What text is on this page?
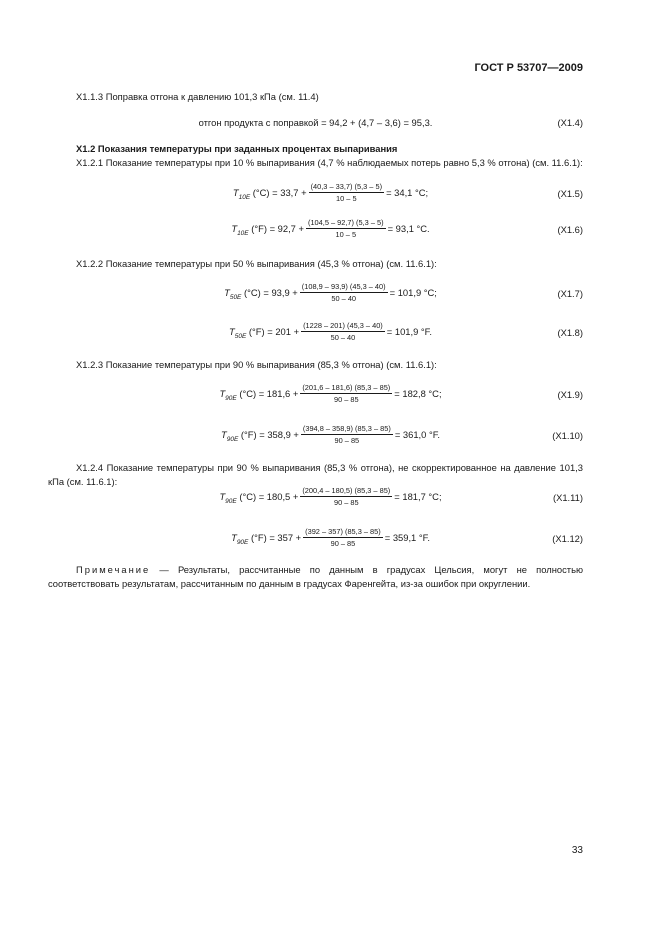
ГОСТ Р 53707—2009
X1.1.3 Поправка отгона к давлению 101,3 кПа (см. 11.4)
отгон продукта с поправкой = 94,2 + (4,7 – 3,6) = 95,3.	(X1.4)
X1.2 Показания температуры при заданных процентах выпаривания
X1.2.1 Показание температуры при 10 % выпаривания (4,7 % наблюдаемых потерь равно 5,3 % отгона) (см. 11.6.1):
$T_{10E}$ $(^\circ C) = 33,7 + \frac{(40,3 - 33,7) (5,3 - 5)}{10 - 5} = 34,1$ °C;	(X1.5)
$T_{10E}$ $(^\circ F) = 92,7 + \frac{(104,5 - 92,7) (5,3 - 5)}{10 - 5} = 93,1$ °C.	(X1.6)
X1.2.2 Показание температуры при 50 % выпаривания (45,3 % отгона) (см. 11.6.1):
$T_{50E}$ $(^\circ C) = 93,9 + \frac{(108,9 - 93,9) (45,3 - 40)}{50 - 40} = 101,9$ °C;	(X1.7)
$T_{50E}$ $(^\circ F) = 201 + \frac{(1228 - 201) (45,3 - 40)}{50 - 40} = 101,9$ °F.	(X1.8)
X1.2.3 Показание температуры при 90 % выпаривания (85,3 % отгона) (см. 11.6.1):
$T_{90E}$ $(^\circ C) = 181,6 + \frac{(201,6 - 181,6) (85,3 - 85)}{90 - 85} = 182,8$ °C;	(X1.9)
$T_{90E}$ $(^\circ F) = 358,9 + \frac{(394,8 - 358,9) (85,3 - 85)}{90 - 85} = 361,0$ °F.	(X1.10)
X1.2.4 Показание температуры при 90 % выпаривания (85,3 % отгона), не скорректированное на давление 101,3 кПа (см. 11.6.1):
$T_{90E}$ $(^\circ C) = 180,5 + \frac{(200,4 - 180,5) (85,3 - 85)}{90 - 85} = 181,7$ °C;	(X1.11)
$T_{90E}$ $(^\circ F) = 357 + \frac{(392 - 357) (85,3 - 85)}{90 - 85} = 359,1$ °F.	(X1.12)
Примечание — Результаты, рассчитанные по данным в градусах Цельсия, могут не полностью соответствовать результатам, рассчитанным по данным в градусах Фаренгейта, из-за ошибок при округлении.
33
